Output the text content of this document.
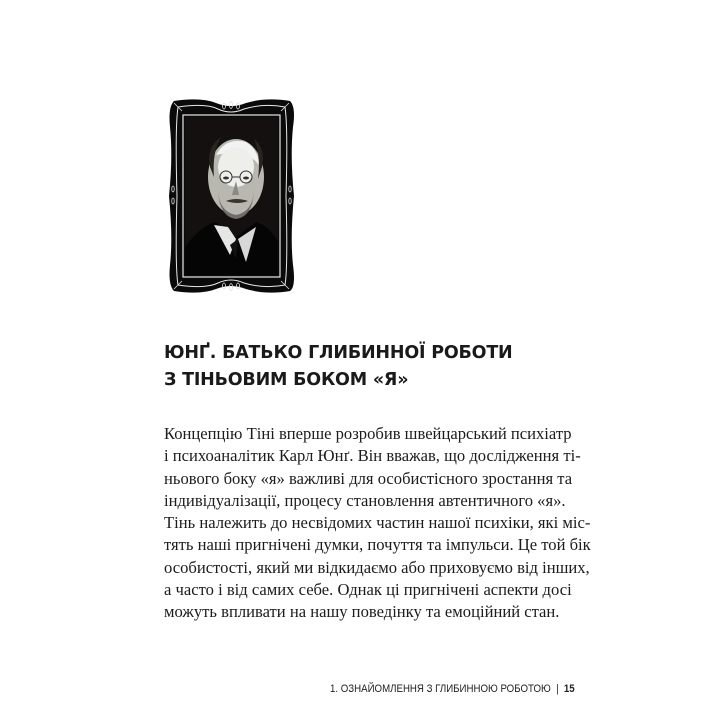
ЮНҐ. БАТЬКО ГЛИБИННОЇ РОБОТИ
З ТІНЬОВИМ БОКОМ «Я»
Концепцію Тіні вперше розробив швейцарський психіатр
і психоаналітик Карл Юнґ. Він вважав, що дослідження ті-
ньового боку «я» важливі для особистісного зростання та
індивідуалізації, процесу становлення автентичного «я».
Тінь належить до несвідомих частин нашої психіки, які міс-
тять наші пригнічені думки, почуття та імпульси. Це той бік
особистості, який ми відкидаємо або приховуємо від інших,
а часто і від самих себе. Однак ці пригнічені аспекти досі
можуть впливати на нашу поведінку та емоційний стан.
1. ОЗНАЙОМЛЕННЯ З ГЛИБИННОЮ РОБОТОЮ | 15
